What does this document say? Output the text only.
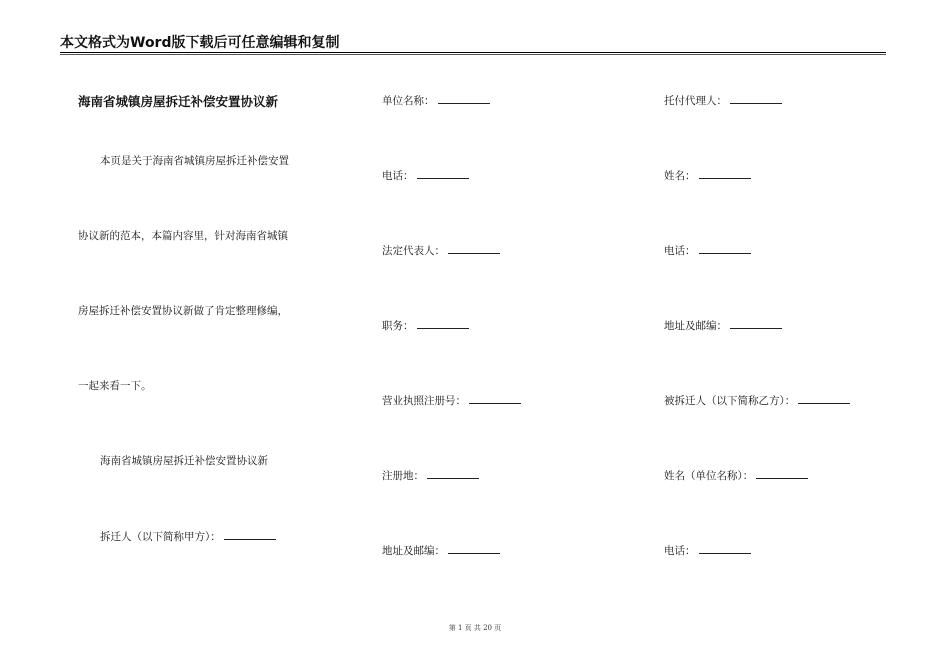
本文格式为Word版下载后可任意编辑和复制
海南省城镇房屋拆迁补偿安置协议新
本页是关于海南省城镇房屋拆迁补偿安置
协议新的范本，本篇内容里，针对海南省城镇
房屋拆迁补偿安置协议新做了肯定整理修编，
一起来看一下。
海南省城镇房屋拆迁补偿安置协议新
拆迁人（以下简称甲方）：
单位名称：
电话：
法定代表人：
职务：
营业执照注册号：
注册地：
地址及邮编：
托付代理人：
姓名：
电话：
地址及邮编：
被拆迁人（以下简称乙方）：
姓名（单位名称）：
电话：
第 1 页 共 20 页
